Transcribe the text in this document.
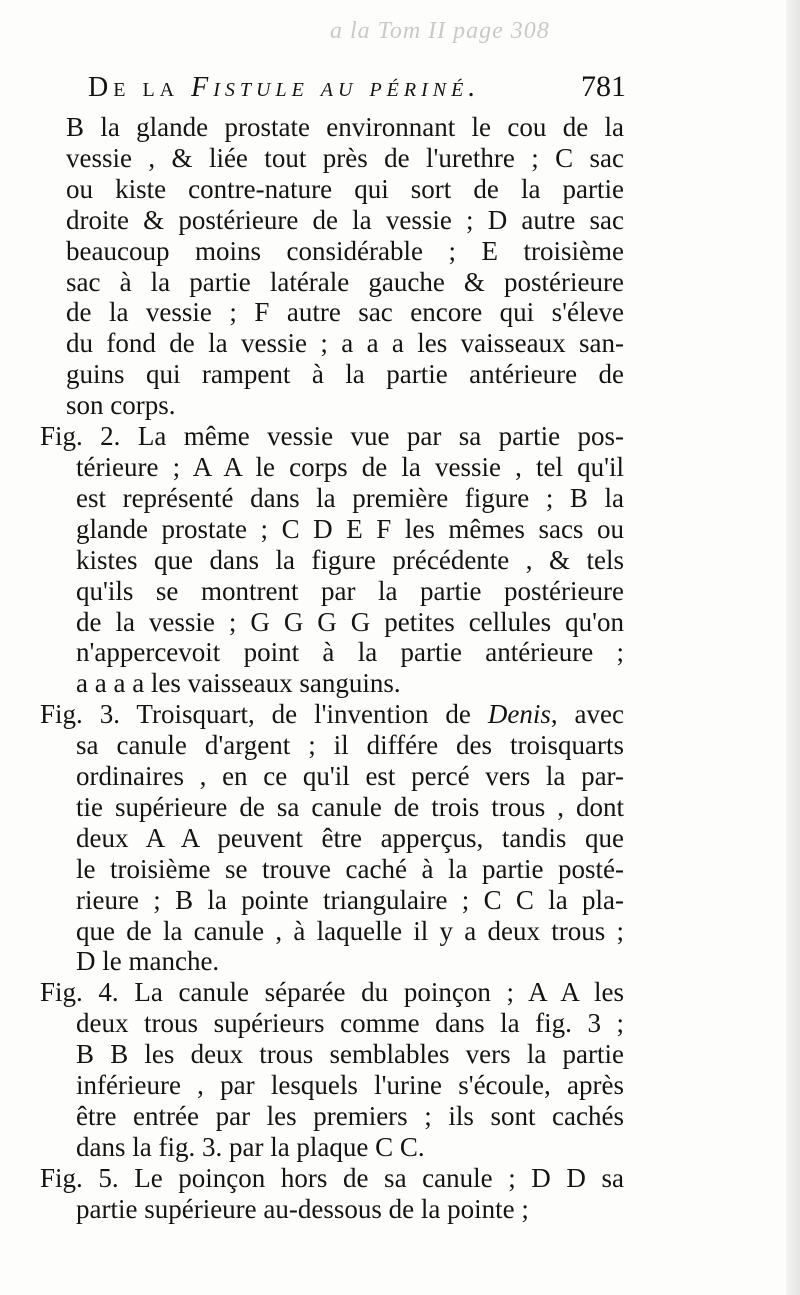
a la Tom II page 308
De la Fistule au périné.	781
B la glande prostate environnant le cou de la
vessie , & liée tout près de l'urethre ; C sac
ou kiste contre-nature qui sort de la partie
droite & postérieure de la vessie ; D autre sac
beaucoup moins considérable ; E troisième
sac à la partie latérale gauche & postérieure
de la vessie ; F autre sac encore qui s'éleve
du fond de la vessie ; a a a les vaisseaux san-
guins qui rampent à la partie antérieure de
son corps.
Fig. 2. La même vessie vue par sa partie pos-
térieure ; A A le corps de la vessie , tel qu'il
est représenté dans la première figure ; B la
glande prostate ; C D E F les mêmes sacs ou
kistes que dans la figure précédente , & tels
qu'ils se montrent par la partie postérieure
de la vessie ; G G G G petites cellules qu'on
n'appercevoit point à la partie antérieure ;
a a a a les vaisseaux sanguins.
Fig. 3. Troisquart, de l'invention de Denis, avec
sa canule d'argent ; il différe des troisquarts
ordinaires , en ce qu'il est percé vers la par-
tie supérieure de sa canule de trois trous , dont
deux A A peuvent être apperçus, tandis que
le troisième se trouve caché à la partie posté-
rieure ; B la pointe triangulaire ; C C la pla-
que de la canule , à laquelle il y a deux trous ;
D le manche.
Fig. 4. La canule séparée du poinçon ; A A les
deux trous supérieurs comme dans la fig. 3 ;
B B les deux trous semblables vers la partie
inférieure , par lesquels l'urine s'écoule, après
être entrée par les premiers ; ils sont cachés
dans la fig. 3. par la plaque C C.
Fig. 5. Le poinçon hors de sa canule ; D D sa
partie supérieure au-dessous de la pointe ;
